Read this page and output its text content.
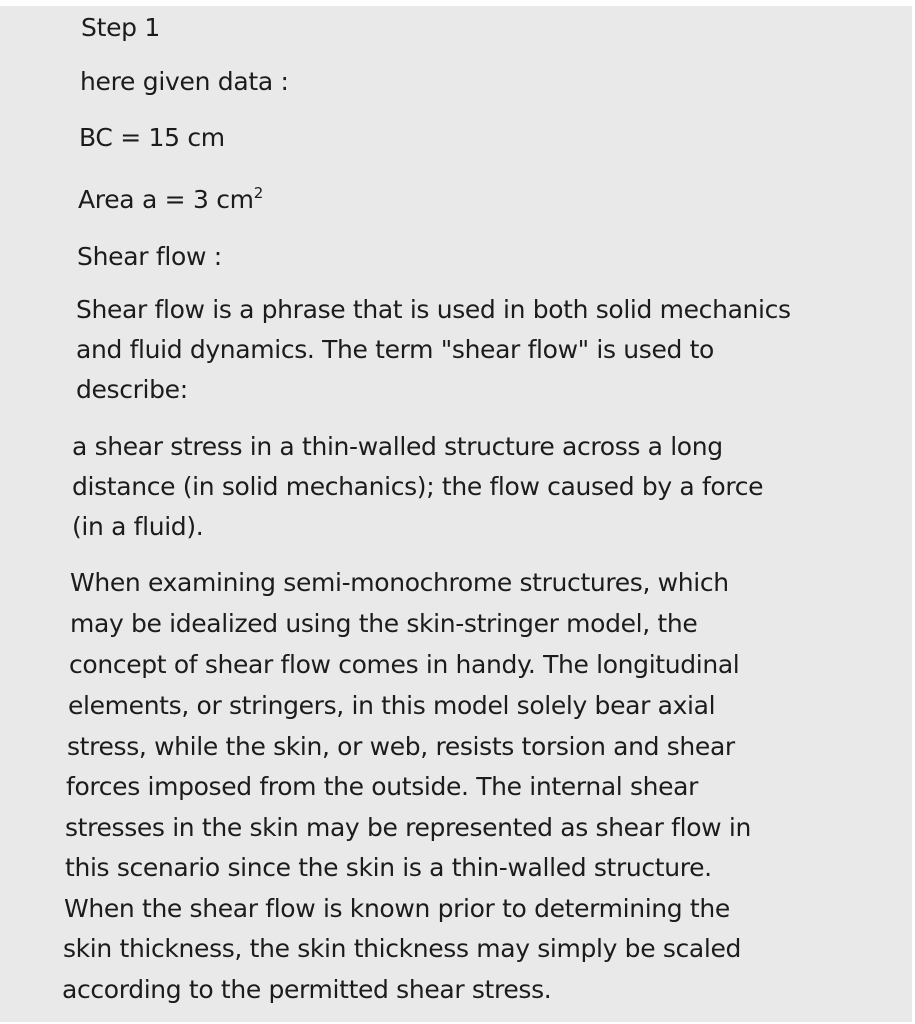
Step 1
here given data :
BC = 15 cm
Area a = 3 $cm^2$
Shear flow :
Shear flow is a phrase that is used in both solid mechanics
and fluid dynamics. The term "shear flow" is used to
describe:
a shear stress in a thin-walled structure across a long
distance (in solid mechanics); the flow caused by a force
(in a fluid).
When examining semi-monochrome structures, which
may be idealized using the skin-stringer model, the
concept of shear flow comes in handy. The longitudinal
elements, or stringers, in this model solely bear axial
stress, while the skin, or web, resists torsion and shear
forces imposed from the outside. The internal shear
stresses in the skin may be represented as shear flow in
this scenario since the skin is a thin-walled structure.
When the shear flow is known prior to determining the
skin thickness, the skin thickness may simply be scaled
according to the permitted shear stress.
